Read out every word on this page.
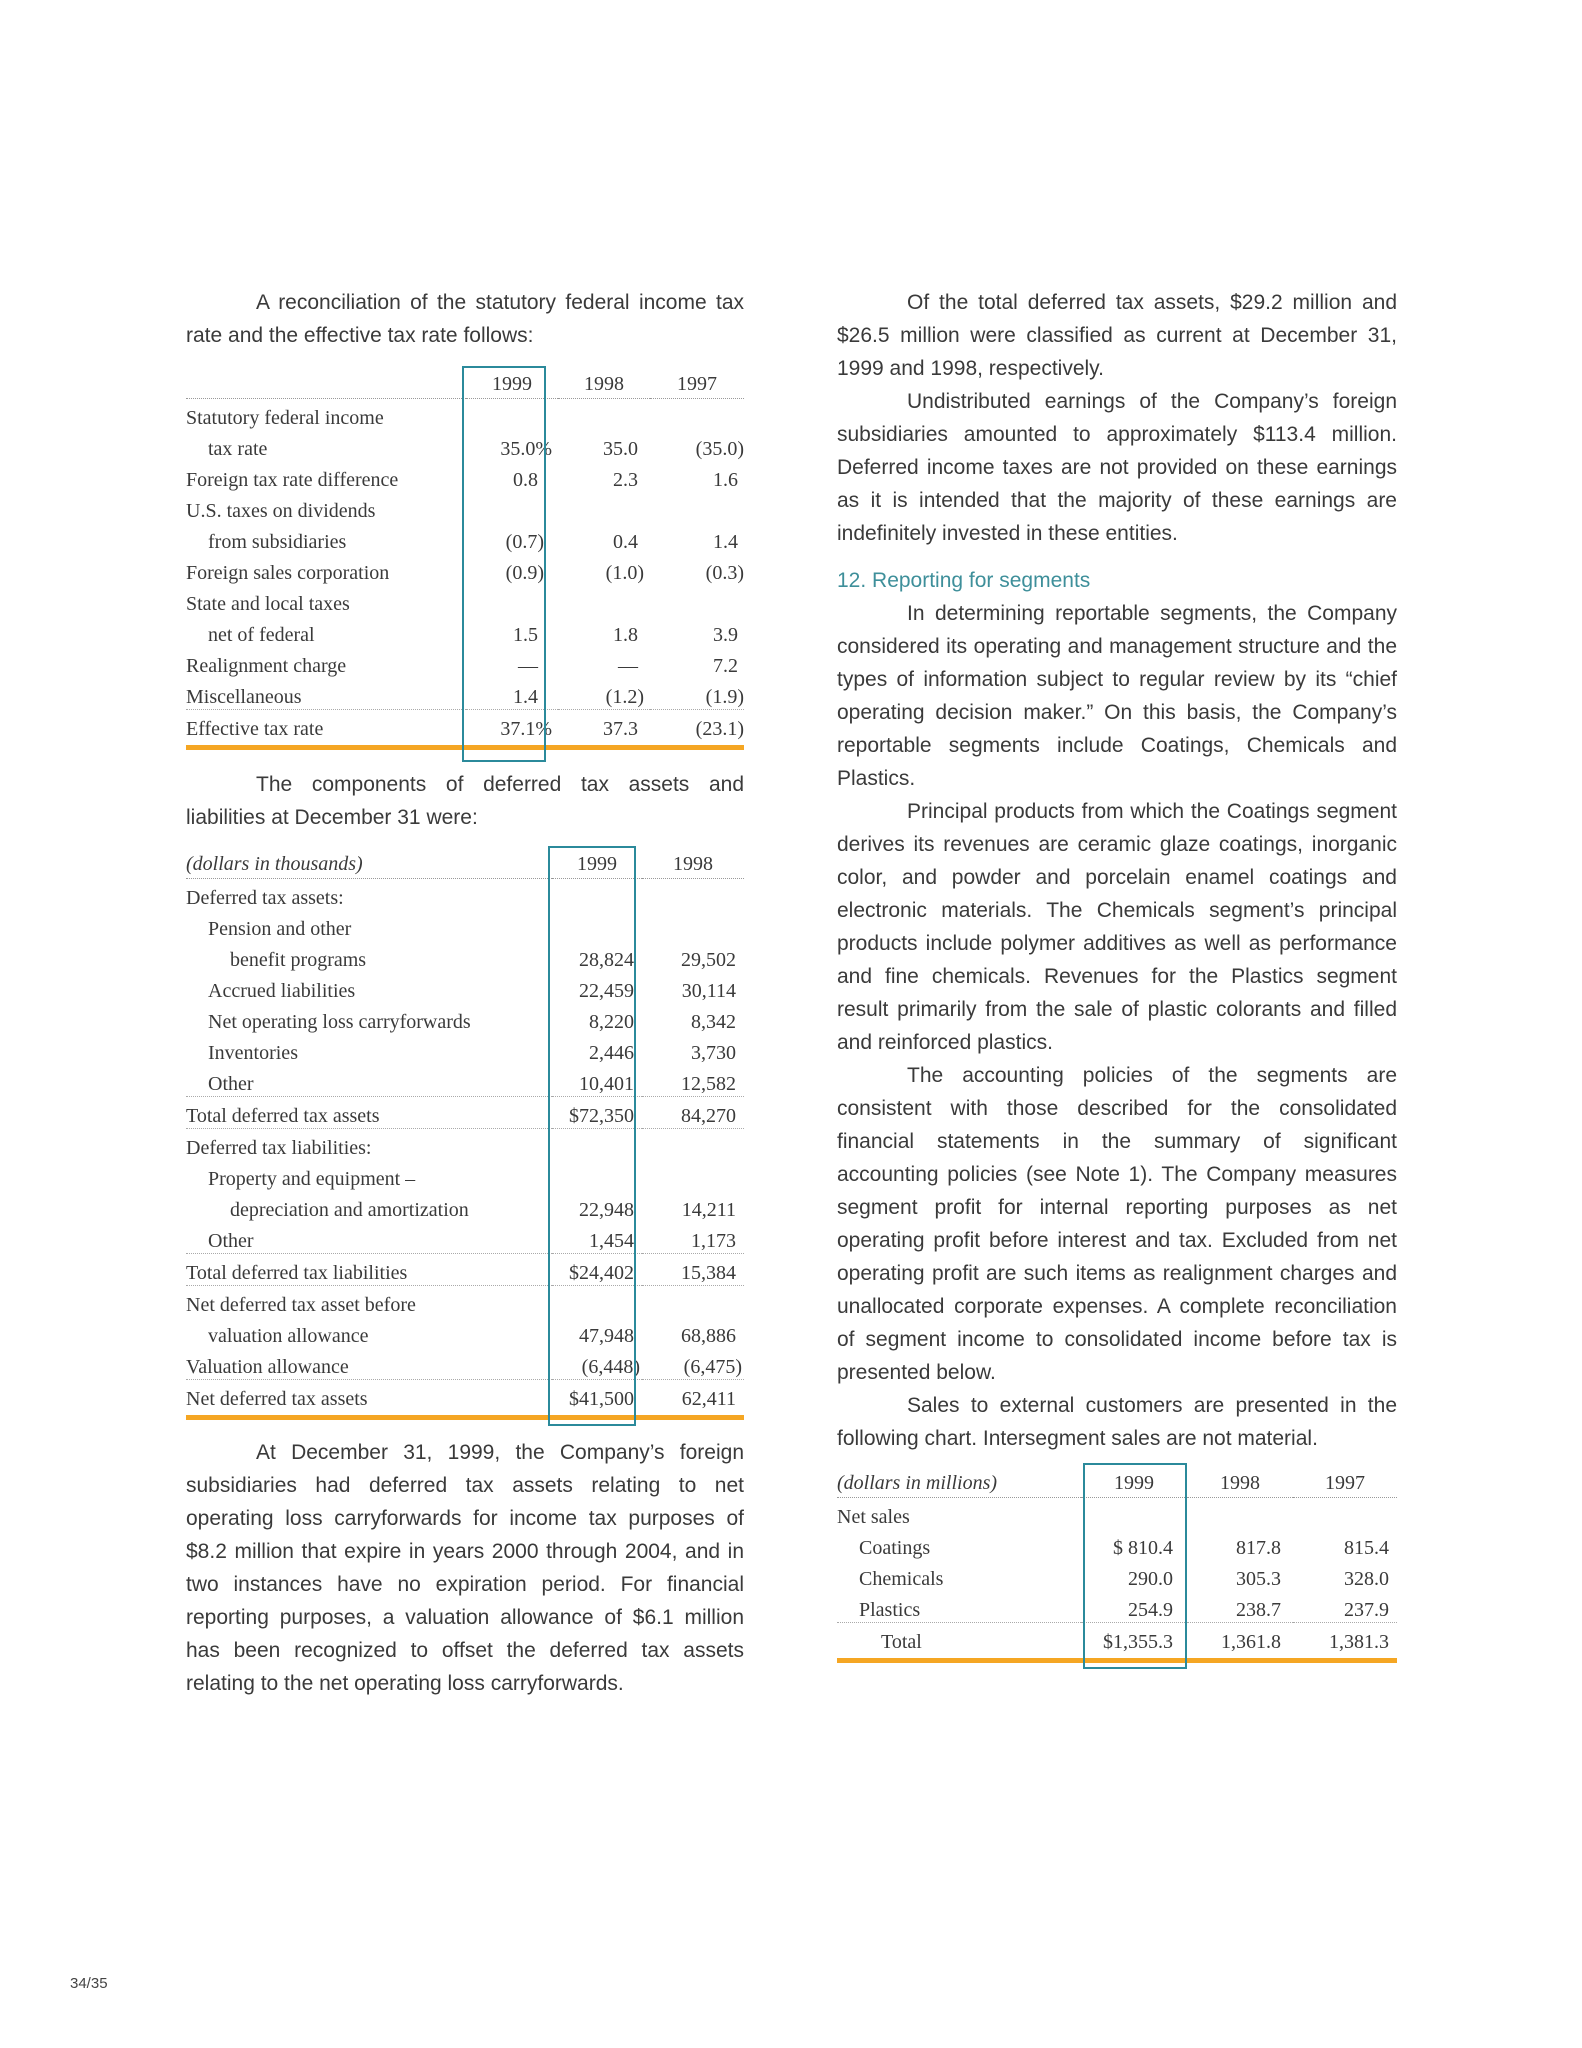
A reconciliation of the statutory federal income tax rate and the effective tax rate follows:

	1999	1998	1997
Statutory federal income			
tax rate	35.0%	35.0	(35.0)
Foreign tax rate difference	0.8	2.3	1.6
U.S. taxes on dividends			
from subsidiaries	(0.7)	0.4	1.4
Foreign sales corporation	(0.9)	(1.0)	(0.3)
State and local taxes			
net of federal	1.5	1.8	3.9
Realignment charge	—	—	7.2
Miscellaneous	1.4	(1.2)	(1.9)
Effective tax rate	37.1%	37.3	(23.1)

The components of deferred tax assets and liabilities at December 31 were:

(dollars in thousands)	1999	1998
Deferred tax assets:		
Pension and other		
benefit programs	28,824	29,502
Accrued liabilities	22,459	30,114
Net operating loss carryforwards	8,220	8,342
Inventories	2,446	3,730
Other	10,401	12,582
Total deferred tax assets	$72,350	84,270
Deferred tax liabilities:		
Property and equipment –		
depreciation and amortization	22,948	14,211
Other	1,454	1,173
Total deferred tax liabilities	$24,402	15,384
Net deferred tax asset before		
valuation allowance	47,948	68,886
Valuation allowance	(6,448)	(6,475)
Net deferred tax assets	$41,500	62,411

At December 31, 1999, the Company’s foreign subsidiaries had deferred tax assets relating to net operating loss carryforwards for income tax purposes of $8.2 million that expire in years 2000 through 2004, and in two instances have no expiration period. For financial reporting purposes, a valuation allowance of $6.1 million has been recognized to offset the deferred tax assets relating to the net operating loss carryforwards.

Of the total deferred tax assets, $29.2 million and $26.5 million were classified as current at December 31, 1999 and 1998, respectively.

Undistributed earnings of the Company’s foreign subsidiaries amounted to approximately $113.4 million. Deferred income taxes are not provided on these earnings as it is intended that the majority of these earnings are indefinitely invested in these entities.

12. Reporting for segments

In determining reportable segments, the Company considered its operating and management structure and the types of information subject to regular review by its “chief operating decision maker.” On this basis, the Company’s reportable segments include Coatings, Chemicals and Plastics.

Principal products from which the Coatings segment derives its revenues are ceramic glaze coatings, inorganic color, and powder and porcelain enamel coatings and electronic materials. The Chemicals segment’s principal products include polymer additives as well as performance and fine chemicals. Revenues for the Plastics segment result primarily from the sale of plastic colorants and filled and reinforced plastics.

The accounting policies of the segments are consistent with those described for the consolidated financial statements in the summary of significant accounting policies (see Note 1). The Company measures segment profit for internal reporting purposes as net operating profit before interest and tax. Excluded from net operating profit are such items as realignment charges and unallocated corporate expenses. A complete reconciliation of segment income to consolidated income before tax is presented below.

Sales to external customers are presented in the following chart. Intersegment sales are not material.

(dollars in millions)	1999	1998	1997
Net sales			
Coatings	$ 810.4	817.8	815.4
Chemicals	290.0	305.3	328.0
Plastics	254.9	238.7	237.9
Total	$1,355.3	1,361.8	1,381.3
34/35
